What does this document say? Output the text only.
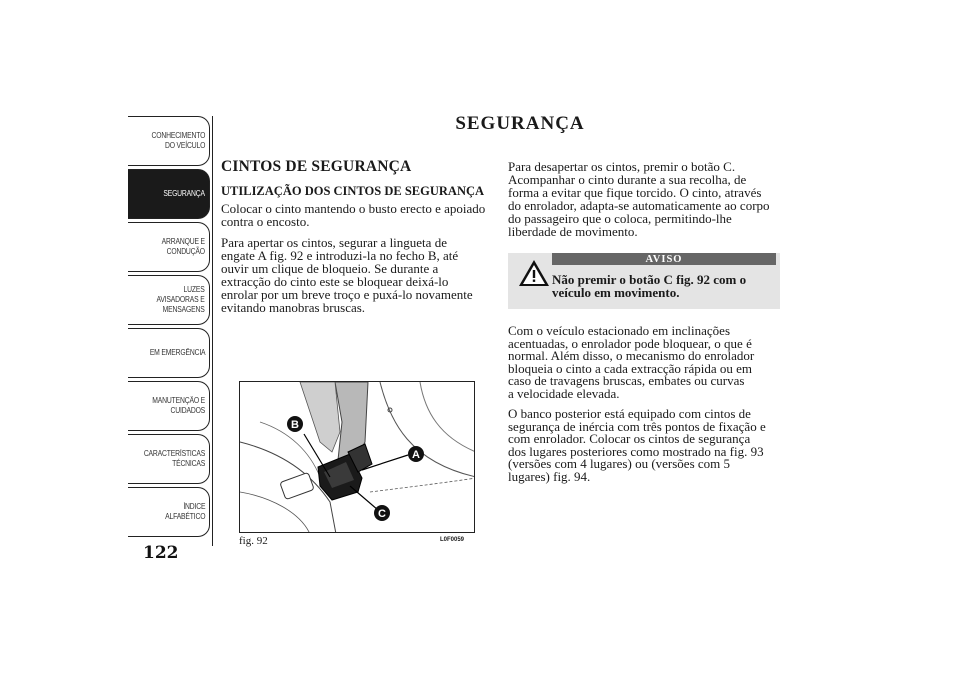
CONHECIMENTO
DO VEÍCULO
SEGURANÇA
ARRANQUE E
CONDUÇÃO
LUZES
AVISADORAS E
MENSAGENS
EM EMERGÊNCIA
MANUTENÇÃO E
CUIDADOS
CARACTERÍSTICAS
TÉCNICAS
ÍNDICE
ALFABÉTICO
122
SEGURANÇA
CINTOS DE SEGURANÇA
UTILIZAÇÃO DOS CINTOS DE SEGURANÇA

Colocar o cinto mantendo o busto erecto e apoiado
contra o encosto.

Para apertar os cintos, segurar a lingueta de
engate A fig. 92 e introduzi-la no fecho B, até
ouvir um clique de bloqueio. Se durante a
extracção do cinto este se bloquear deixá-lo
enrolar por um breve troço e puxá-lo novamente
evitando manobras bruscas.

Para desapertar os cintos, premir o botão C.
Acompanhar o cinto durante a sua recolha, de
forma a evitar que fique torcido. O cinto, através
do enrolador, adapta-se automaticamente ao corpo
do passageiro que o coloca, permitindo-lhe
liberdade de movimento.

AVISO
Não premir o botão C fig. 92 com o
veículo em movimento.

Com o veículo estacionado em inclinações
acentuadas, o enrolador pode bloquear, o que é
normal. Além disso, o mecanismo do enrolador
bloqueia o cinto a cada extracção rápida ou em
caso de travagens bruscas, embates ou curvas
a velocidade elevada.

O banco posterior está equipado com cintos de
segurança de inércia com três pontos de fixação e
com enrolador. Colocar os cintos de segurança
dos lugares posteriores como mostrado na fig. 93
(versões com 4 lugares) ou (versões com 5
lugares) fig. 94.

B
A
C
fig. 92	L0F0059
